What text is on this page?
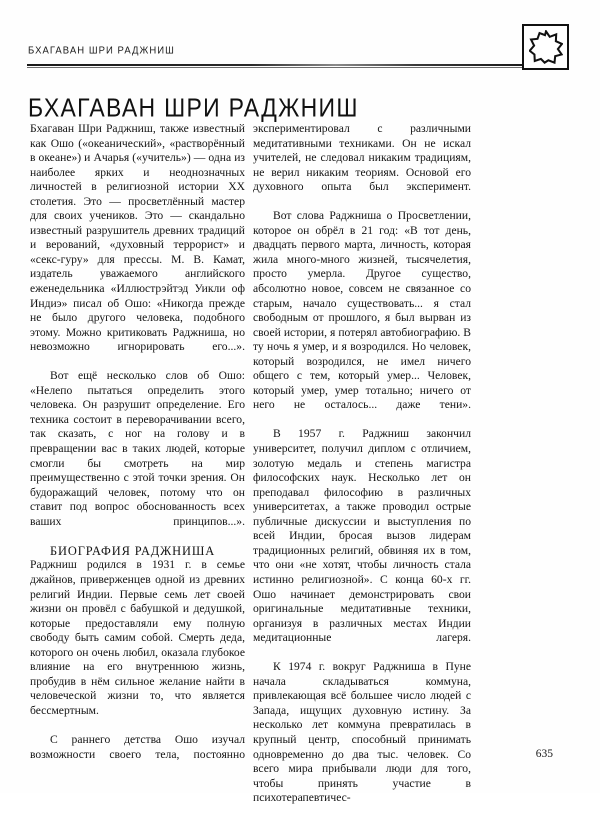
БХАГАВАН ШРИ РАДЖНИШ
БХАГАВАН ШРИ РАДЖНИШ

Бхагаван Шри Раджниш, также известный как Ошо («океанический», «растворённый в океане») и Ачарья («учитель») — одна из наиболее ярких и неоднозначных личностей в религиозной истории XX столетия. Это — просветлённый мастер для своих учеников. Это — скандально известный разрушитель древних традиций и верований, «духовный террорист» и «секс-гуру» для прессы. М. В. Камат, издатель уважаемого английского еженедельника «Иллюстрэйтэд Уикли оф Индиэ» писал об Ошо: «Никогда прежде не было другого человека, подобного этому. Можно критиковать Раджниша, но невозможно игнорировать его...».

Вот ещё несколько слов об Ошо: «Нелепо пытаться определить этого человека. Он разрушит определение. Его техника состоит в переворачивании всего, так сказать, с ног на голову и в превращении вас в таких людей, которые смогли бы смотреть на мир преимущественно с этой точки зрения. Он будоражащий человек, потому что он ставит под вопрос обоснованность всех ваших принципов...».

БИОГРАФИЯ РАДЖНИША

Раджниш родился в 1931 г. в семье джайнов, приверженцев одной из древних религий Индии. Первые семь лет своей жизни он провёл с бабушкой и дедушкой, которые предоставляли ему полную свободу быть самим собой. Смерть деда, которого он очень любил, оказала глубокое влияние на его внутреннюю жизнь, пробудив в нём сильное желание найти в человеческой жизни то, что является бессмертным.

С раннего детства Ошо изучал возможности своего тела, постоянно

экспериментировал с различными медитативными техниками. Он не искал учителей, не следовал никаким традициям, не верил никаким теориям. Основой его духовного опыта был эксперимент.

Вот слова Раджниша о Просветлении, которое он обрёл в 21 год: «В тот день, двадцать первого марта, личность, которая жила много-много жизней, тысячелетия, просто умерла. Другое существо, абсолютно новое, совсем не связанное со старым, начало существовать... я стал свободным от прошлого, я был вырван из своей истории, я потерял автобиографию. В ту ночь я умер, и я возродился. Но человек, который возродился, не имел ничего общего с тем, который умер... Человек, который умер, умер тотально; ничего от него не осталось... даже тени».

В 1957 г. Раджниш закончил университет, получил диплом с отличием, золотую медаль и степень магистра философских наук. Несколько лет он преподавал философию в различных университетах, а также проводил острые публичные дискуссии и выступления по всей Индии, бросая вызов лидерам традиционных религий, обвиняя их в том, что они «не хотят, чтобы личность стала истинно религиозной». С конца 60-х гг. Ошо начинает демонстрировать свои оригинальные медитативные техники, организуя в различных местах Индии медитационные лагеря.

К 1974 г. вокруг Раджниша в Пуне начала складываться коммуна, привлекающая всё большее число людей с Запада, ищущих духовную истину. За несколько лет коммуна превратилась в крупный центр, способный принимать одновременно до два тыс. человек. Со всего мира прибывали люди для того, чтобы принять участие в психотерапевтичес-

635
